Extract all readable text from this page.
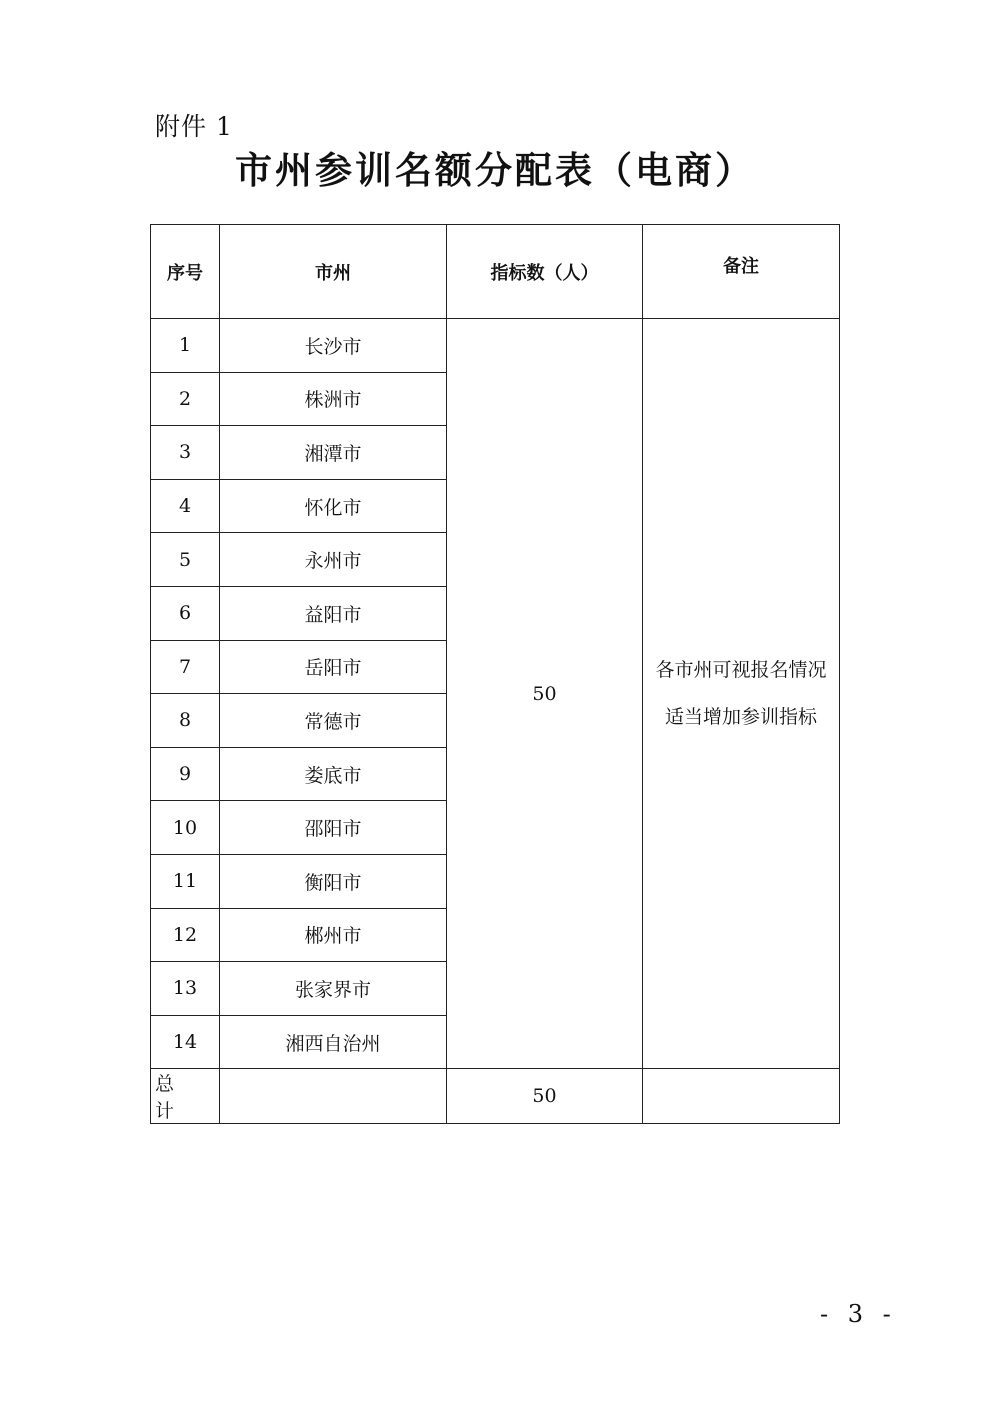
附件 1
市州参训名额分配表（电商）
序号	市州	指标数（人）	备注
1	长沙市	50	各市州可视报名情况
适当增加参训指标

2	株洲市		
3	湘潭市		
4	怀化市		
5	永州市		
6	益阳市		
7	岳阳市		
8	常德市		
9	娄底市		
10	邵阳市		
11	衡阳市		
12	郴州市		
13	张家界市		
14	湘西自治州		
总 计		50	
- 3 -
